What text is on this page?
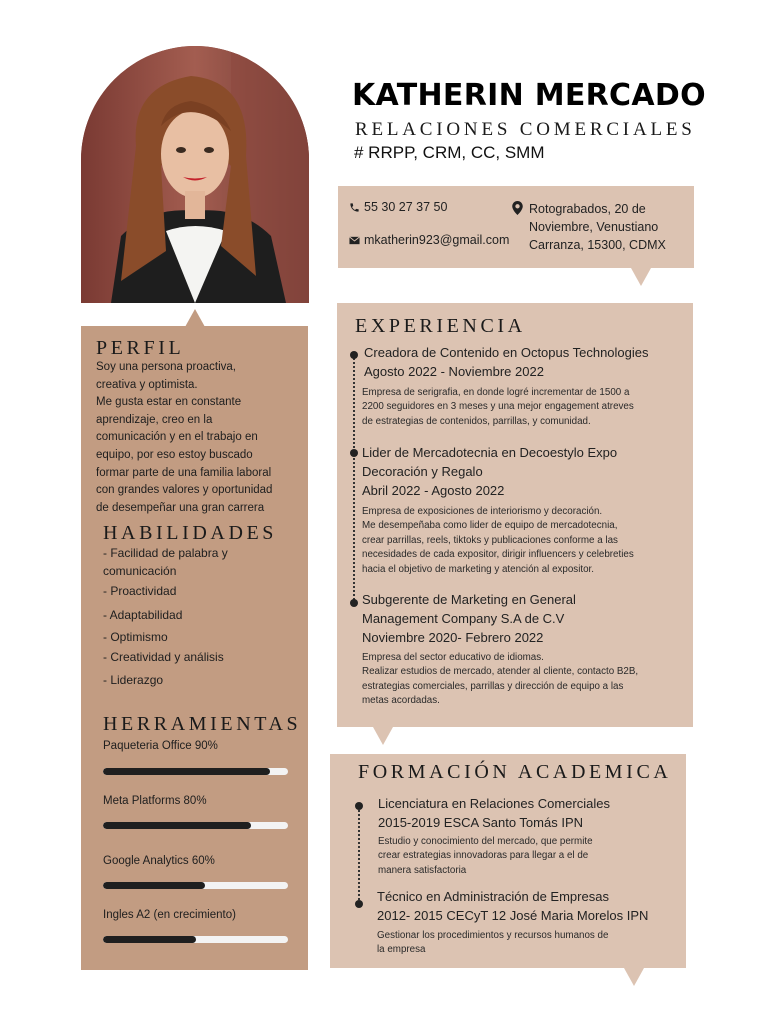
KATHERIN MERCADO
RELACIONES COMERCIALES
# RRPP, CRM, CC, SMM
55 30 27 37 50
mkatherin923@gmail.com
Rotograbados, 20 de
Noviembre, Venustiano
Carranza, 15300, CDMX
PERFIL
Soy una persona proactiva,
creativa y optimista.
Me gusta estar en constante
aprendizaje, creo en la
comunicación y en el trabajo en
equipo, por eso estoy buscado
formar parte de una familia laboral
con grandes valores y oportunidad
de desempeñar una gran carrera
HABILIDADES
- Facilidad de palabra y comunicación
- Proactividad
- Adaptabilidad
- Optimismo
- Creatividad y análisis
- Liderazgo
HERRAMIENTAS
Paqueteria Office 90%
Meta Platforms 80%
Google Analytics 60%
Ingles A2 (en crecimiento)
EXPERIENCIA
Creadora de Contenido en Octopus Technologies
Agosto 2022 - Noviembre 2022
Empresa de serigrafia, en donde logré incrementar de 1500 a
2200 seguidores en 3 meses y una mejor engagement atreves
de estrategias de contenidos, parrillas, y comunidad.
Lider de Mercadotecnia en Decoestylo Expo
Decoración y Regalo
Abril 2022 - Agosto 2022
Empresa de exposiciones de interiorismo y decoración.
Me desempeñaba como lider de equipo de mercadotecnia,
crear parrillas, reels, tiktoks y publicaciones conforme a las
necesidades de cada expositor, dirigir influencers y celebreties
hacia el objetivo de marketing y atención al expositor.
Subgerente de Marketing en General
Management Company S.A de C.V
Noviembre 2020- Febrero 2022
Empresa del sector educativo de idiomas.
Realizar estudios de mercado, atender al cliente, contacto B2B,
estrategias comerciales, parrillas y dirección de equipo a las
metas acordadas.
FORMACIÓN ACADEMICA
Licenciatura en Relaciones Comerciales
2015-2019 ESCA Santo Tomás IPN
Estudio y conocimiento del mercado, que permite
crear estrategias innovadoras para llegar a el de
manera satisfactoria
Técnico en Administración de Empresas
2012- 2015 CECyT 12 José Maria Morelos IPN
Gestionar los procedimientos y recursos humanos de
la empresa
